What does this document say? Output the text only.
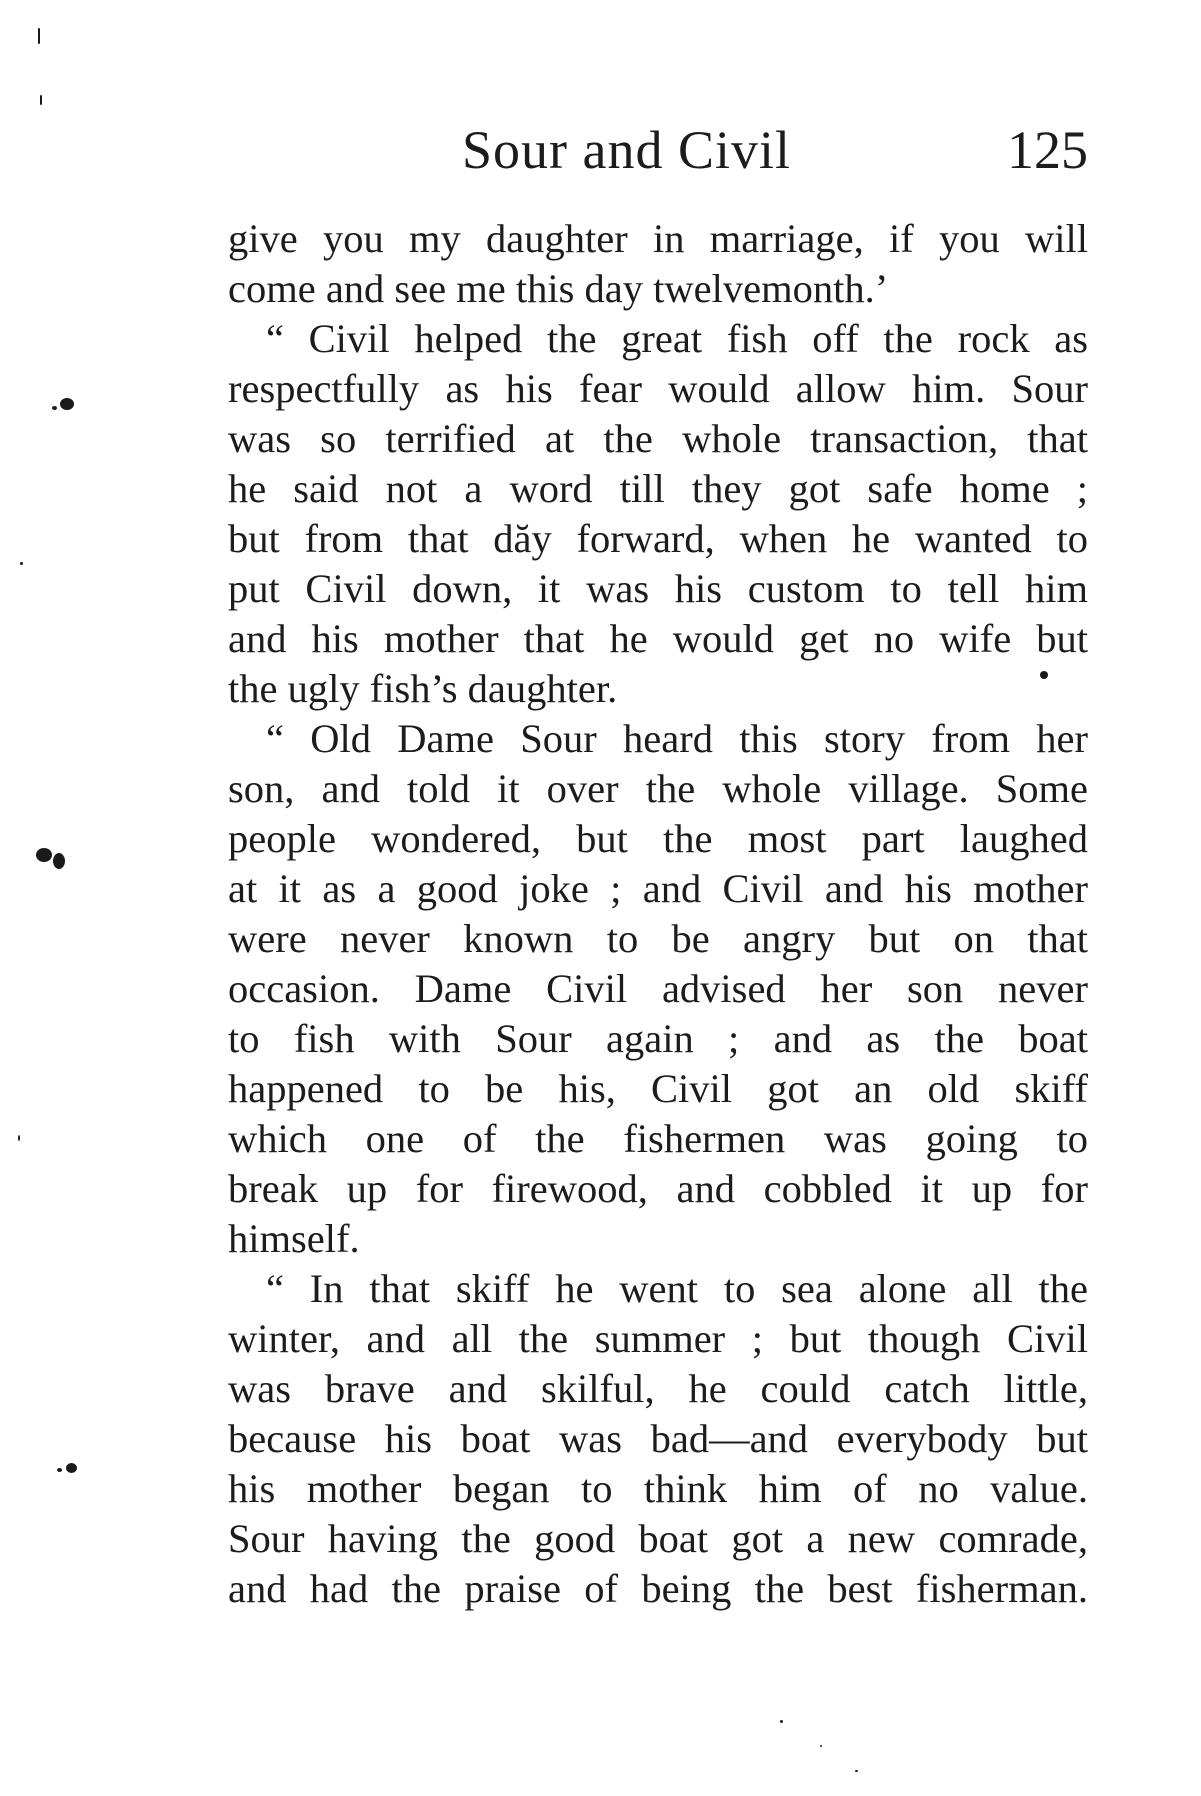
Sour and Civil	125
give you my daughter in marriage, if you will
come and see me this day twelvemonth.’
“ Civil helped the great fish off the rock as
respectfully as his fear would allow him. Sour
was so terrified at the whole transaction, that
he said not a word till they got safe home ;
but from that dăy forward, when he wanted to
put Civil down, it was his custom to tell him
and his mother that he would get no wife but
the ugly fish’s daughter.
“ Old Dame Sour heard this story from her
son, and told it over the whole village. Some
people wondered, but the most part laughed
at it as a good joke ; and Civil and his mother
were never known to be angry but on that
occasion. Dame Civil advised her son never
to fish with Sour again ; and as the boat
happened to be his, Civil got an old skiff
which one of the fishermen was going to
break up for firewood, and cobbled it up for
himself.
“ In that skiff he went to sea alone all the
winter, and all the summer ; but though Civil
was brave and skilful, he could catch little,
because his boat was bad—and everybody but
his mother began to think him of no value.
Sour having the good boat got a new comrade,
and had the praise of being the best fisherman.
